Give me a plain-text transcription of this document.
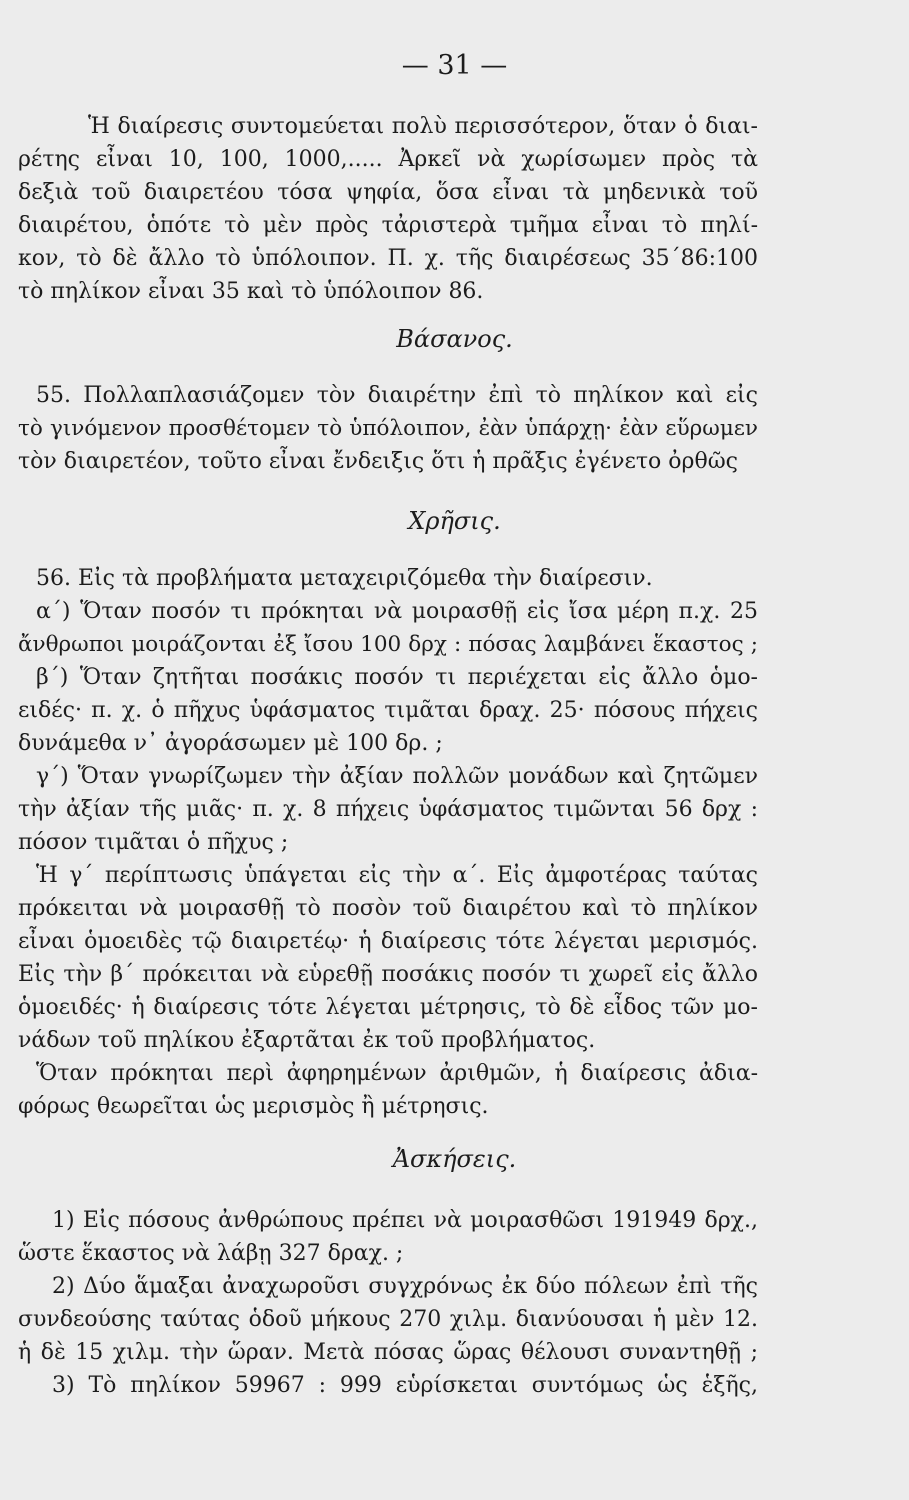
— 31 —
Ἡ διαίρεσις συντομεύεται πολὺ περισσότερον, ὅταν ὁ διαι-
ρέτης εἶναι 10, 100, 1000,..... Ἀρκεῖ νὰ χωρίσωμεν πρὸς τὰ
δεξιὰ τοῦ διαιρετέου τόσα ψηφία, ὅσα εἶναι τὰ μηδενικὰ τοῦ
διαιρέτου, ὁπότε τὸ μὲν πρὸς τἀριστερὰ τμῆμα εἶναι τὸ πηλί-
κον, τὸ δὲ ἄλλο τὸ ὑπόλοιπον. Π. χ. τῆς διαιρέσεως 35΄86:100
τὸ πηλίκον εἶναι 35 καὶ τὸ ὑπόλοιπον 86.
Βάσανος.
55. Πολλαπλασιάζομεν τὸν διαιρέτην ἐπὶ τὸ πηλίκον καὶ εἰς
τὸ γινόμενον προσθέτομεν τὸ ὑπόλοιπον, ἐὰν ὑπάρχῃ· ἐὰν εὕρωμεν
τὸν διαιρετέον, τοῦτο εἶναι ἔνδειξις ὅτι ἡ πρᾶξις ἐγένετο ὀρθῶς
Χρῆσις.
56. Εἰς τὰ προβλήματα μεταχειριζόμεθα τὴν διαίρεσιν.
α΄) Ὅταν ποσόν τι πρόκηται νὰ μοιρασθῇ εἰς ἴσα μέρη π.χ. 25
ἄνθρωποι μοιράζονται ἐξ ἴσου 100 δρχ : πόσας λαμβάνει ἕκαστος ;
β΄) Ὅταν ζητῆται ποσάκις ποσόν τι περιέχεται εἰς ἄλλο ὁμο-
ειδές· π. χ. ὁ πῆχυς ὑφάσματος τιμᾶται δραχ. 25· πόσους πήχεις
δυνάμεθα ν᾽ ἀγοράσωμεν μὲ 100 δρ. ;
γ΄) Ὅταν γνωρίζωμεν τὴν ἀξίαν πολλῶν μονάδων καὶ ζητῶμεν
τὴν ἀξίαν τῆς μιᾶς· π. χ. 8 πήχεις ὑφάσματος τιμῶνται 56 δρχ :
πόσον τιμᾶται ὁ πῆχυς ;
Ἡ γ΄ περίπτωσις ὑπάγεται εἰς τὴν α΄. Εἰς ἀμφοτέρας ταύτας
πρόκειται νὰ μοιρασθῇ τὸ ποσὸν τοῦ διαιρέτου καὶ τὸ πηλίκον
εἶναι ὁμοειδὲς τῷ διαιρετέῳ· ἡ διαίρεσις τότε λέγεται μερισμός.
Εἰς τὴν β΄ πρόκειται νὰ εὑρεθῇ ποσάκις ποσόν τι χωρεῖ εἰς ἄλλο
ὁμοειδές· ἡ διαίρεσις τότε λέγεται μέτρησις, τὸ δὲ εἶδος τῶν μο-
νάδων τοῦ πηλίκου ἐξαρτᾶται ἐκ τοῦ προβλήματος.
Ὅταν πρόκηται περὶ ἀφηρημένων ἀριθμῶν, ἡ διαίρεσις ἀδια-
φόρως θεωρεῖται ὡς μερισμὸς ἢ μέτρησις.
Ἀσκήσεις.
1) Εἰς πόσους ἀνθρώπους πρέπει νὰ μοιρασθῶσι 191949 δρχ.,
ὥστε ἕκαστος νὰ λάβῃ 327 δραχ. ;
2) Δύο ἅμαξαι ἀναχωροῦσι συγχρόνως ἐκ δύο πόλεων ἐπὶ τῆς
συνδεούσης ταύτας ὁδοῦ μήκους 270 χιλμ. διανύουσαι ἡ μὲν 12.
ἡ δὲ 15 χιλμ. τὴν ὥραν. Μετὰ πόσας ὥρας θέλουσι συναντηθῇ ;
3) Τὸ πηλίκον 59967 : 999 εὑρίσκεται συντόμως ὡς ἑξῆς,
